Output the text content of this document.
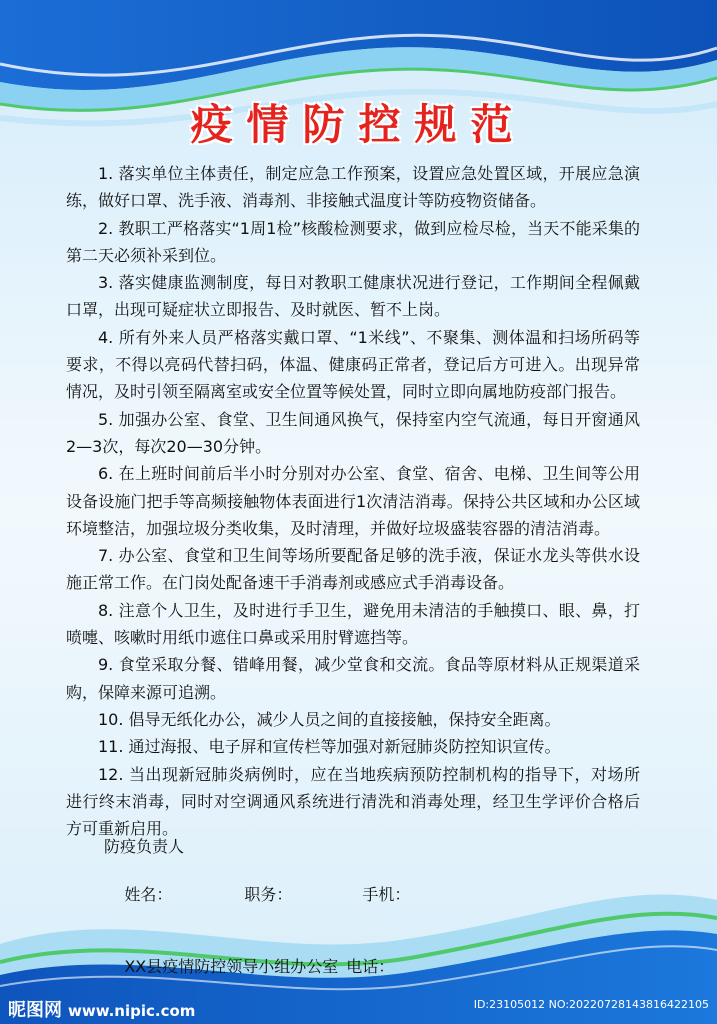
疫情防控规范

1. 落实单位主体责任，制定应急工作预案，设置应急处置区域，开展应急演练，做好口罩、洗手液、消毒剂、非接触式温度计等防疫物资储备。

2. 教职工严格落实“1周1检”核酸检测要求，做到应检尽检，当天不能采集的第二天必须补采到位。

3. 落实健康监测制度，每日对教职工健康状况进行登记，工作期间全程佩戴口罩，出现可疑症状立即报告、及时就医、暂不上岗。

4. 所有外来人员严格落实戴口罩、“1米线”、不聚集、测体温和扫场所码等要求，不得以亮码代替扫码，体温、健康码正常者，登记后方可进入。出现异常情况，及时引领至隔离室或安全位置等候处置，同时立即向属地防疫部门报告。

5. 加强办公室、食堂、卫生间通风换气，保持室内空气流通，每日开窗通风2—3次，每次20—30分钟。

6. 在上班时间前后半小时分别对办公室、食堂、宿舍、电梯、卫生间等公用设备设施门把手等高频接触物体表面进行1次清洁消毒。保持公共区域和办公区域环境整洁，加强垃圾分类收集，及时清理，并做好垃圾盛装容器的清洁消毒。

7. 办公室、食堂和卫生间等场所要配备足够的洗手液，保证水龙头等供水设施正常工作。在门岗处配备速干手消毒剂或感应式手消毒设备。

8. 注意个人卫生，及时进行手卫生，避免用未清洁的手触摸口、眼、鼻，打喷嚏、咳嗽时用纸巾遮住口鼻或采用肘臂遮挡等。

9. 食堂采取分餐、错峰用餐，减少堂食和交流。食品等原材料从正规渠道采购，保障来源可追溯。

10. 倡导无纸化办公，减少人员之间的直接接触，保持安全距离。

11. 通过海报、电子屏和宣传栏等加强对新冠肺炎防控知识宣传。

12. 当出现新冠肺炎病例时，应在当地疾病预防控制机构的指导下，对场所进行终末消毒，同时对空调通风系统进行清洗和消毒处理，经卫生学评价合格后方可重新启用。

防疫负责人

姓名：	职务：	手机：

XX县疫情防控领导小组办公室 电话：

昵图网 www.nipic.com	ID:23105012 NO:20220728143816422105
